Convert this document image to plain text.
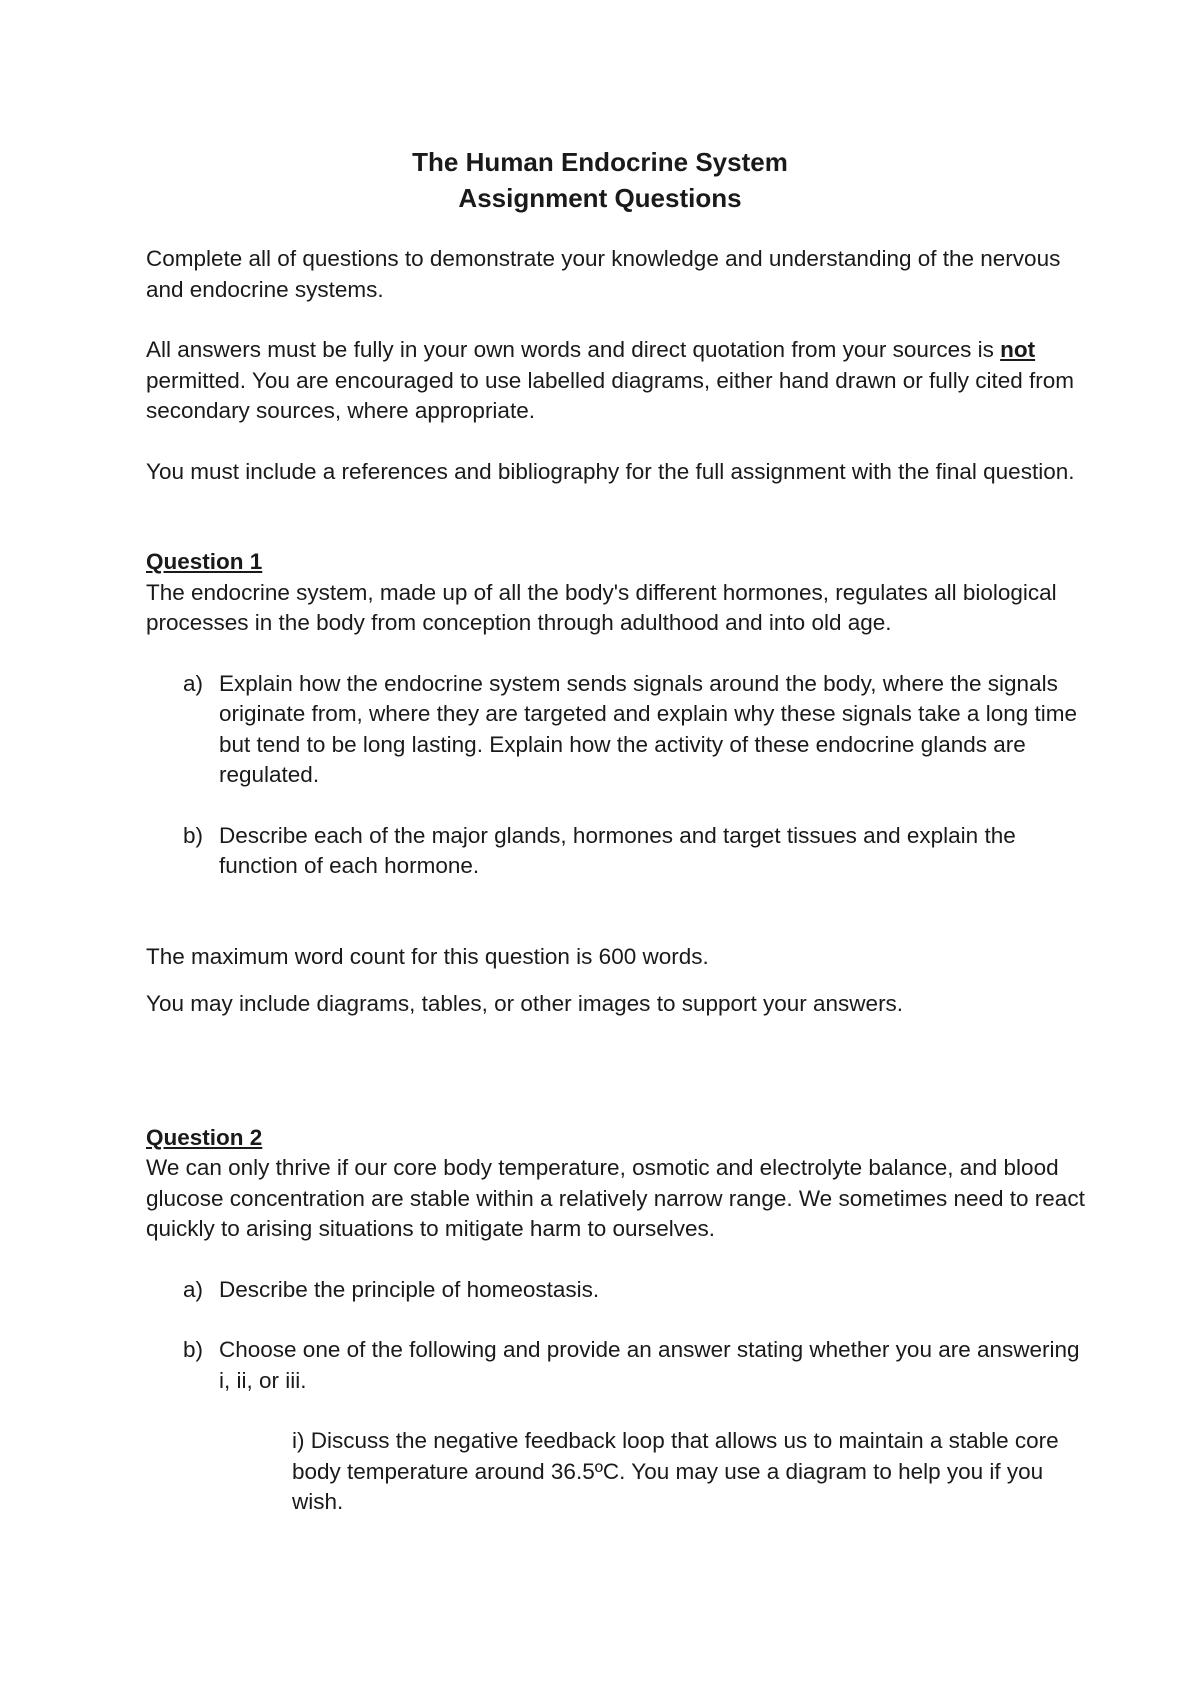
The Human Endocrine System
Assignment Questions

Complete all of questions to demonstrate your knowledge and understanding of the nervous and endocrine systems.

All answers must be fully in your own words and direct quotation from your sources is not permitted. You are encouraged to use labelled diagrams, either hand drawn or fully cited from secondary sources, where appropriate.

You must include a references and bibliography for the full assignment with the final question.

Question 1

The endocrine system, made up of all the body's different hormones, regulates all biological processes in the body from conception through adulthood and into old age.

a) Explain how the endocrine system sends signals around the body, where the signals originate from, where they are targeted and explain why these signals take a long time but tend to be long lasting. Explain how the activity of these endocrine glands are regulated.
b) Describe each of the major glands, hormones and target tissues and explain the function of each hormone.

The maximum word count for this question is 600 words.

You may include diagrams, tables, or other images to support your answers.

Question 2

We can only thrive if our core body temperature, osmotic and electrolyte balance, and blood glucose concentration are stable within a relatively narrow range. We sometimes need to react quickly to arising situations to mitigate harm to ourselves.

a) Describe the principle of homeostasis.
b) Choose one of the following and provide an answer stating whether you are answering i, ii, or iii.

i) Discuss the negative feedback loop that allows us to maintain a stable core body temperature around 36.5ºC. You may use a diagram to help you if you wish.
